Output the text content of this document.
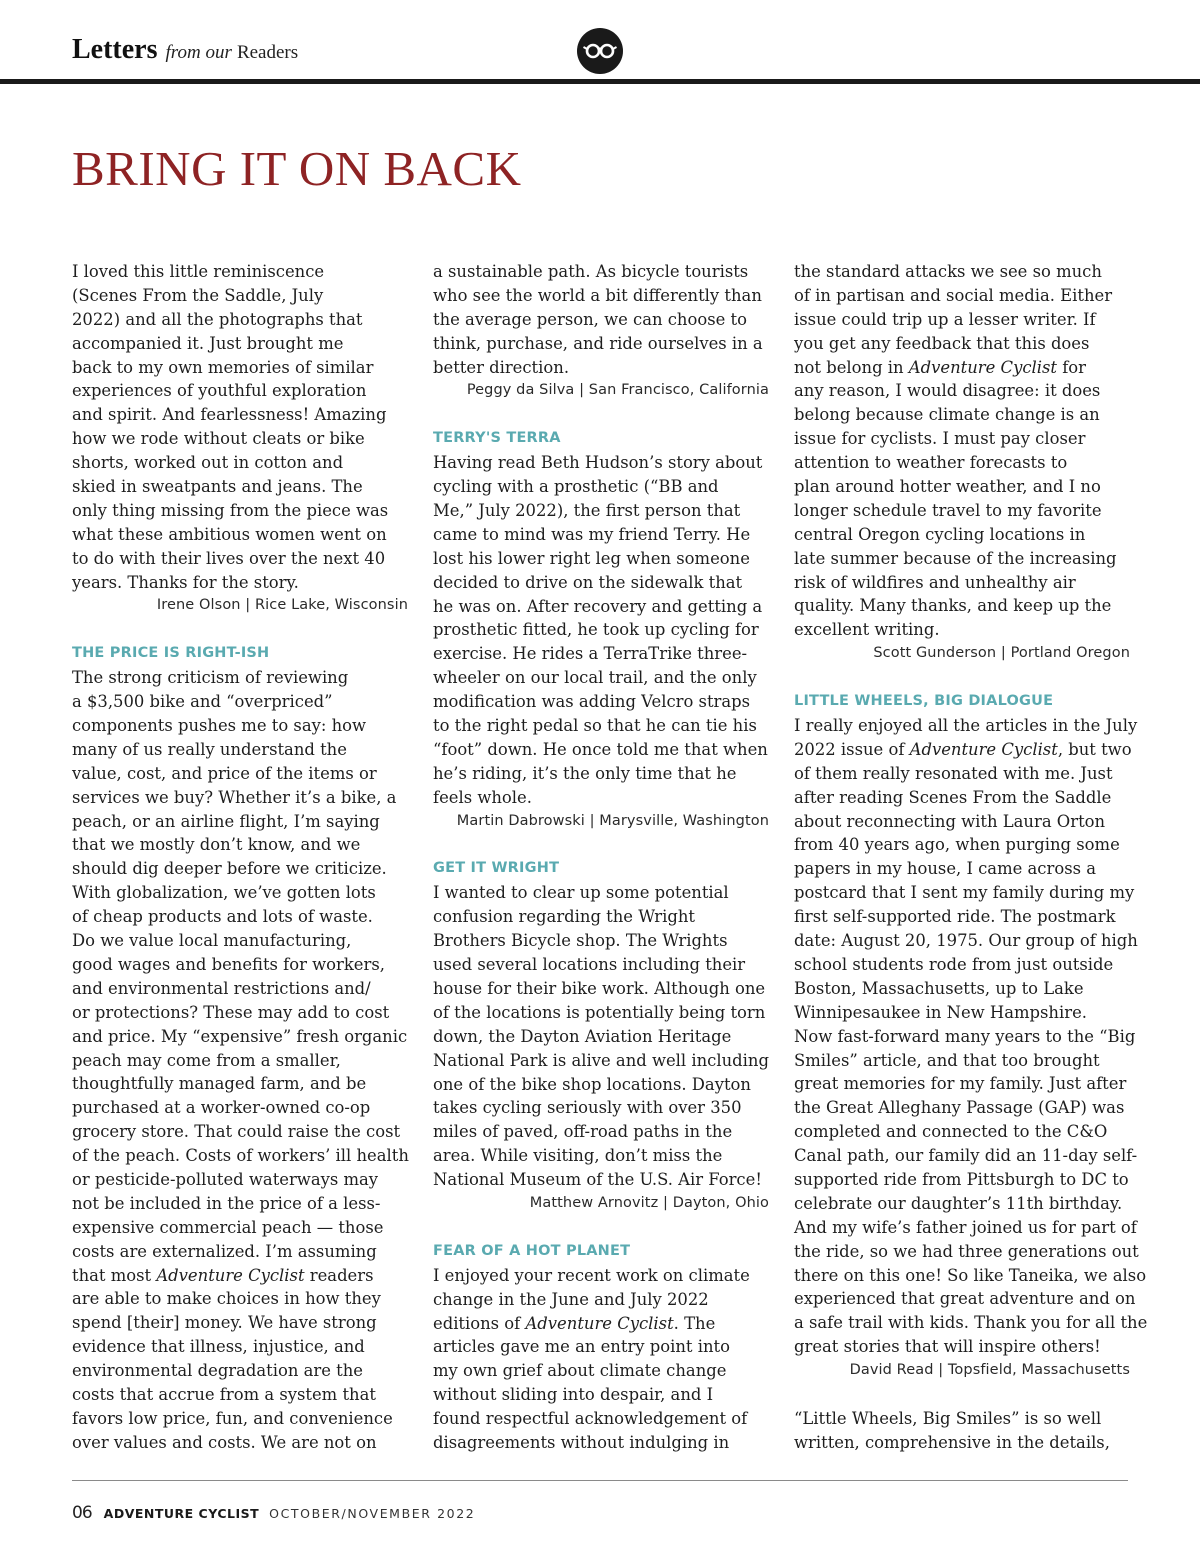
Letters from our Readers
BRING IT ON BACK
I loved this little reminiscence
(Scenes From the Saddle, July
2022) and all the photographs that
accompanied it. Just brought me
back to my own memories of similar
experiences of youthful exploration
and spirit. And fearlessness! Amazing
how we rode without cleats or bike
shorts, worked out in cotton and
skied in sweatpants and jeans. The
only thing missing from the piece was
what these ambitious women went on
to do with their lives over the next 40
years. Thanks for the story.
Irene Olson | Rice Lake, Wisconsin
THE PRICE IS RIGHT-ISH
The strong criticism of reviewing
a $3,500 bike and “overpriced”
components pushes me to say: how
many of us really understand the
value, cost, and price of the items or
services we buy? Whether it’s a bike, a
peach, or an airline flight, I’m saying
that we mostly don’t know, and we
should dig deeper before we criticize.
With globalization, we’ve gotten lots
of cheap products and lots of waste.
Do we value local manufacturing,
good wages and benefits for workers,
and environmental restrictions and/
or protections? These may add to cost
and price. My “expensive” fresh organic
peach may come from a smaller,
thoughtfully managed farm, and be
purchased at a worker-owned co-op
grocery store. That could raise the cost
of the peach. Costs of workers’ ill health
or pesticide-polluted waterways may
not be included in the price of a less-
expensive commercial peach — those
costs are externalized. I’m assuming
that most Adventure Cyclist readers
are able to make choices in how they
spend [their] money. We have strong
evidence that illness, injustice, and
environmental degradation are the
costs that accrue from a system that
favors low price, fun, and convenience
over values and costs. We are not on
a sustainable path. As bicycle tourists
who see the world a bit differently than
the average person, we can choose to
think, purchase, and ride ourselves in a
better direction.
Peggy da Silva | San Francisco, California
TERRY'S TERRA
Having read Beth Hudson’s story about
cycling with a prosthetic (“BB and
Me,” July 2022), the first person that
came to mind was my friend Terry. He
lost his lower right leg when someone
decided to drive on the sidewalk that
he was on. After recovery and getting a
prosthetic fitted, he took up cycling for
exercise. He rides a TerraTrike three-
wheeler on our local trail, and the only
modification was adding Velcro straps
to the right pedal so that he can tie his
“foot” down. He once told me that when
he’s riding, it’s the only time that he
feels whole.
Martin Dabrowski | Marysville, Washington
GET IT WRIGHT
I wanted to clear up some potential
confusion regarding the Wright
Brothers Bicycle shop. The Wrights
used several locations including their
house for their bike work. Although one
of the locations is potentially being torn
down, the Dayton Aviation Heritage
National Park is alive and well including
one of the bike shop locations. Dayton
takes cycling seriously with over 350
miles of paved, off-road paths in the
area. While visiting, don’t miss the
National Museum of the U.S. Air Force!
Matthew Arnovitz | Dayton, Ohio
FEAR OF A HOT PLANET
I enjoyed your recent work on climate
change in the June and July 2022
editions of Adventure Cyclist. The
articles gave me an entry point into
my own grief about climate change
without sliding into despair, and I
found respectful acknowledgement of
disagreements without indulging in
the standard attacks we see so much
of in partisan and social media. Either
issue could trip up a lesser writer. If
you get any feedback that this does
not belong in Adventure Cyclist for
any reason, I would disagree: it does
belong because climate change is an
issue for cyclists. I must pay closer
attention to weather forecasts to
plan around hotter weather, and I no
longer schedule travel to my favorite
central Oregon cycling locations in
late summer because of the increasing
risk of wildfires and unhealthy air
quality. Many thanks, and keep up the
excellent writing.
Scott Gunderson | Portland Oregon
LITTLE WHEELS, BIG DIALOGUE
I really enjoyed all the articles in the July
2022 issue of Adventure Cyclist, but two
of them really resonated with me. Just
after reading Scenes From the Saddle
about reconnecting with Laura Orton
from 40 years ago, when purging some
papers in my house, I came across a
postcard that I sent my family during my
first self-supported ride. The postmark
date: August 20, 1975. Our group of high
school students rode from just outside
Boston, Massachusetts, up to Lake
Winnipesaukee in New Hampshire.
Now fast-forward many years to the “Big
Smiles” article, and that too brought
great memories for my family. Just after
the Great Alleghany Passage (GAP) was
completed and connected to the C&O
Canal path, our family did an 11-day self-
supported ride from Pittsburgh to DC to
celebrate our daughter’s 11th birthday.
And my wife’s father joined us for part of
the ride, so we had three generations out
there on this one! So like Taneika, we also
experienced that great adventure and on
a safe trail with kids. Thank you for all the
great stories that will inspire others!
David Read | Topsfield, Massachusetts
“Little Wheels, Big Smiles” is so well
written, comprehensive in the details,
06 ADVENTURE CYCLIST OCTOBER/NOVEMBER 2022
